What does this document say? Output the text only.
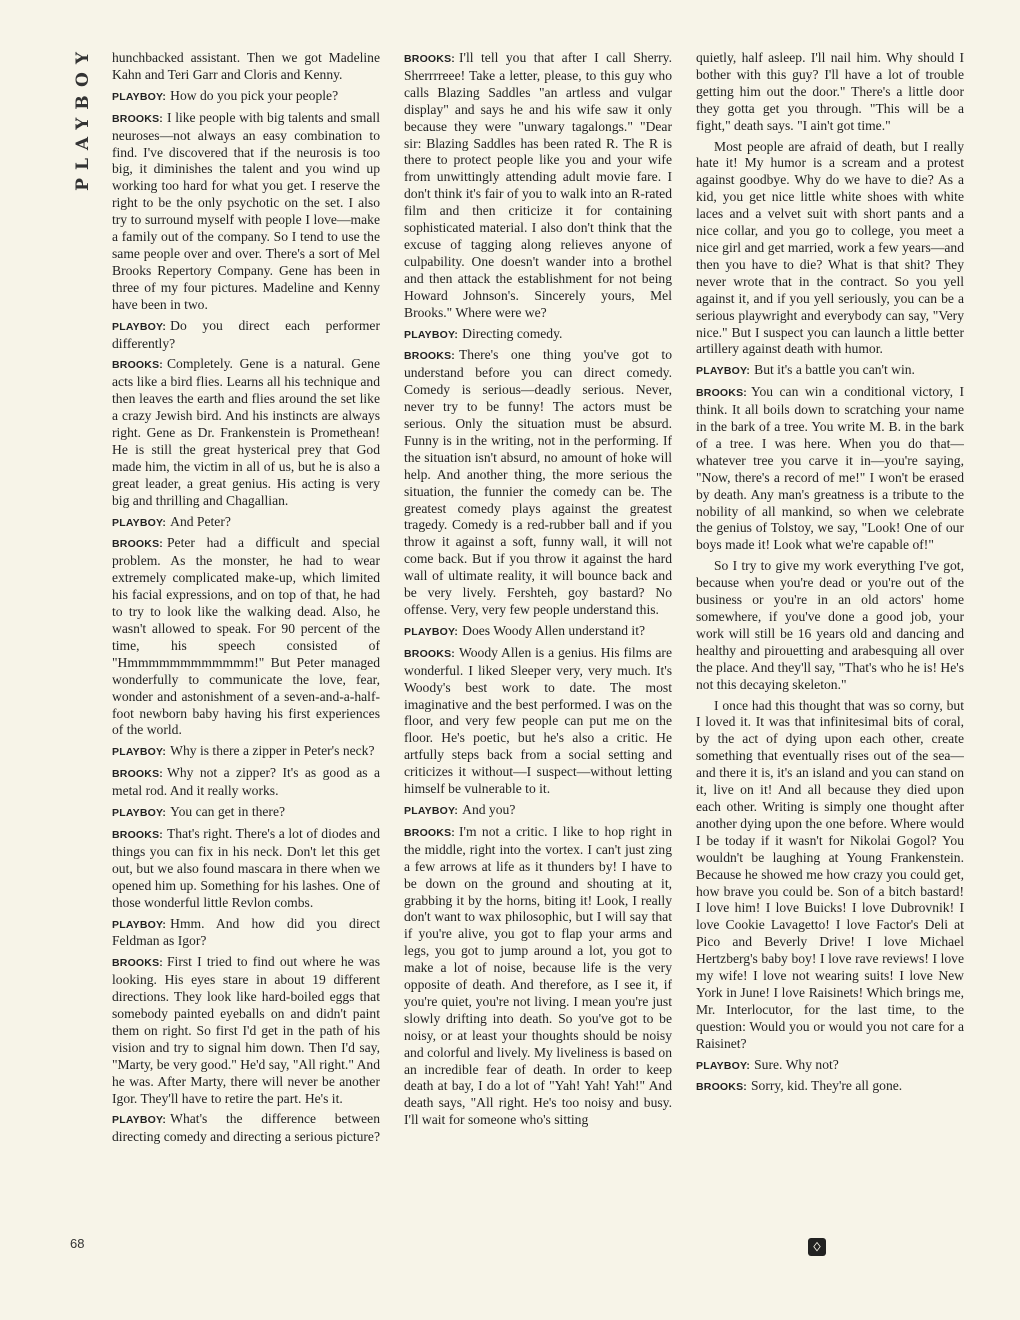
PLAYBOY
68

hunchbacked assistant. Then we got Madeline Kahn and Teri Garr and Cloris and Kenny.

PLAYBOY: How do you pick your people?

BROOKS: I like people with big talents and small neuroses—not always an easy combination to find. I've discovered that if the neurosis is too big, it diminishes the talent and you wind up working too hard for what you get. I reserve the right to be the only psychotic on the set. I also try to surround myself with people I love—make a family out of the company. So I tend to use the same people over and over. There's a sort of Mel Brooks Repertory Company. Gene has been in three of my four pictures. Madeline and Kenny have been in two.

PLAYBOY: Do you direct each performer differently?

BROOKS: Completely. Gene is a natural. Gene acts like a bird flies. Learns all his technique and then leaves the earth and flies around the set like a crazy Jewish bird. And his instincts are always right. Gene as Dr. Frankenstein is Promethean! He is still the great hysterical prey that God made him, the victim in all of us, but he is also a great leader, a great genius. His acting is very big and thrilling and Chagallian.

PLAYBOY: And Peter?

BROOKS: Peter had a difficult and special problem. As the monster, he had to wear extremely complicated make-up, which limited his facial expressions, and on top of that, he had to try to look like the walking dead. Also, he wasn't allowed to speak. For 90 percent of the time, his speech consisted of "Hmmmmmmmmmmmm!" But Peter managed wonderfully to communicate the love, fear, wonder and astonishment of a seven-and-a-half-foot newborn baby having his first experiences of the world.

PLAYBOY: Why is there a zipper in Peter's neck?

BROOKS: Why not a zipper? It's as good as a metal rod. And it really works.

PLAYBOY: You can get in there?

BROOKS: That's right. There's a lot of diodes and things you can fix in his neck. Don't let this get out, but we also found mascara in there when we opened him up. Something for his lashes. One of those wonderful little Revlon combs.

PLAYBOY: Hmm. And how did you direct Feldman as Igor?

BROOKS: First I tried to find out where he was looking. His eyes stare in about 19 different directions. They look like hard-boiled eggs that somebody painted eyeballs on and didn't paint them on right. So first I'd get in the path of his vision and try to signal him down. Then I'd say, "Marty, be very good." He'd say, "All right." And he was. After Marty, there will never be another Igor. They'll have to retire the part. He's it.

PLAYBOY: What's the difference between directing comedy and directing a serious picture?

BROOKS: I'll tell you that after I call Sherry. Sherrrreee! Take a letter, please, to this guy who calls Blazing Saddles "an artless and vulgar display" and says he and his wife saw it only because they were "unwary tagalongs." "Dear sir: Blazing Saddles has been rated R. The R is there to protect people like you and your wife from unwittingly attending adult movie fare. I don't think it's fair of you to walk into an R-rated film and then criticize it for containing sophisticated material. I also don't think that the excuse of tagging along relieves anyone of culpability. One doesn't wander into a brothel and then attack the establishment for not being Howard Johnson's. Sincerely yours, Mel Brooks." Where were we?

PLAYBOY: Directing comedy.

BROOKS: There's one thing you've got to understand before you can direct comedy. Comedy is serious—deadly serious. Never, never try to be funny! The actors must be serious. Only the situation must be absurd. Funny is in the writing, not in the performing. If the situation isn't absurd, no amount of hoke will help. And another thing, the more serious the situation, the funnier the comedy can be. The greatest comedy plays against the greatest tragedy. Comedy is a red-rubber ball and if you throw it against a soft, funny wall, it will not come back. But if you throw it against the hard wall of ultimate reality, it will bounce back and be very lively. Fershteh, goy bastard? No offense. Very, very few people understand this.

PLAYBOY: Does Woody Allen understand it?

BROOKS: Woody Allen is a genius. His films are wonderful. I liked Sleeper very, very much. It's Woody's best work to date. The most imaginative and the best performed. I was on the floor, and very few people can put me on the floor. He's poetic, but he's also a critic. He artfully steps back from a social setting and criticizes it without—I suspect—without letting himself be vulnerable to it.

PLAYBOY: And you?

BROOKS: I'm not a critic. I like to hop right in the middle, right into the vortex. I can't just zing a few arrows at life as it thunders by! I have to be down on the ground and shouting at it, grabbing it by the horns, biting it! Look, I really don't want to wax philosophic, but I will say that if you're alive, you got to flap your arms and legs, you got to jump around a lot, you got to make a lot of noise, because life is the very opposite of death. And therefore, as I see it, if you're quiet, you're not living. I mean you're just slowly drifting into death. So you've got to be noisy, or at least your thoughts should be noisy and colorful and lively. My liveliness is based on an incredible fear of death. In order to keep death at bay, I do a lot of "Yah! Yah! Yah!" And death says, "All right. He's too noisy and busy. I'll wait for someone who's sitting

quietly, half asleep. I'll nail him. Why should I bother with this guy? I'll have a lot of trouble getting him out the door." There's a little door they gotta get you through. "This will be a fight," death says. "I ain't got time."

Most people are afraid of death, but I really hate it! My humor is a scream and a protest against goodbye. Why do we have to die? As a kid, you get nice little white shoes with white laces and a velvet suit with short pants and a nice collar, and you go to college, you meet a nice girl and get married, work a few years—and then you have to die? What is that shit? They never wrote that in the contract. So you yell against it, and if you yell seriously, you can be a serious playwright and everybody can say, "Very nice." But I suspect you can launch a little better artillery against death with humor.

PLAYBOY: But it's a battle you can't win.

BROOKS: You can win a conditional victory, I think. It all boils down to scratching your name in the bark of a tree. You write M. B. in the bark of a tree. I was here. When you do that—whatever tree you carve it in—you're saying, "Now, there's a record of me!" I won't be erased by death. Any man's greatness is a tribute to the nobility of all mankind, so when we celebrate the genius of Tolstoy, we say, "Look! One of our boys made it! Look what we're capable of!"

So I try to give my work everything I've got, because when you're dead or you're out of the business or you're in an old actors' home somewhere, if you've done a good job, your work will still be 16 years old and dancing and healthy and pirouetting and arabesquing all over the place. And they'll say, "That's who he is! He's not this decaying skeleton."

I once had this thought that was so corny, but I loved it. It was that infinitesimal bits of coral, by the act of dying upon each other, create something that eventually rises out of the sea—and there it is, it's an island and you can stand on it, live on it! And all because they died upon each other. Writing is simply one thought after another dying upon the one before. Where would I be today if it wasn't for Nikolai Gogol? You wouldn't be laughing at Young Frankenstein. Because he showed me how crazy you could get, how brave you could be. Son of a bitch bastard! I love him! I love Buicks! I love Dubrovnik! I love Cookie Lavagetto! I love Factor's Deli at Pico and Beverly Drive! I love Michael Hertzberg's baby boy! I love rave reviews! I love my wife! I love not wearing suits! I love New York in June! I love Raisinets! Which brings me, Mr. Interlocutor, for the last time, to the question: Would you or would you not care for a Raisinet?

PLAYBOY: Sure. Why not?

BROOKS: Sorry, kid. They're all gone.

♢
